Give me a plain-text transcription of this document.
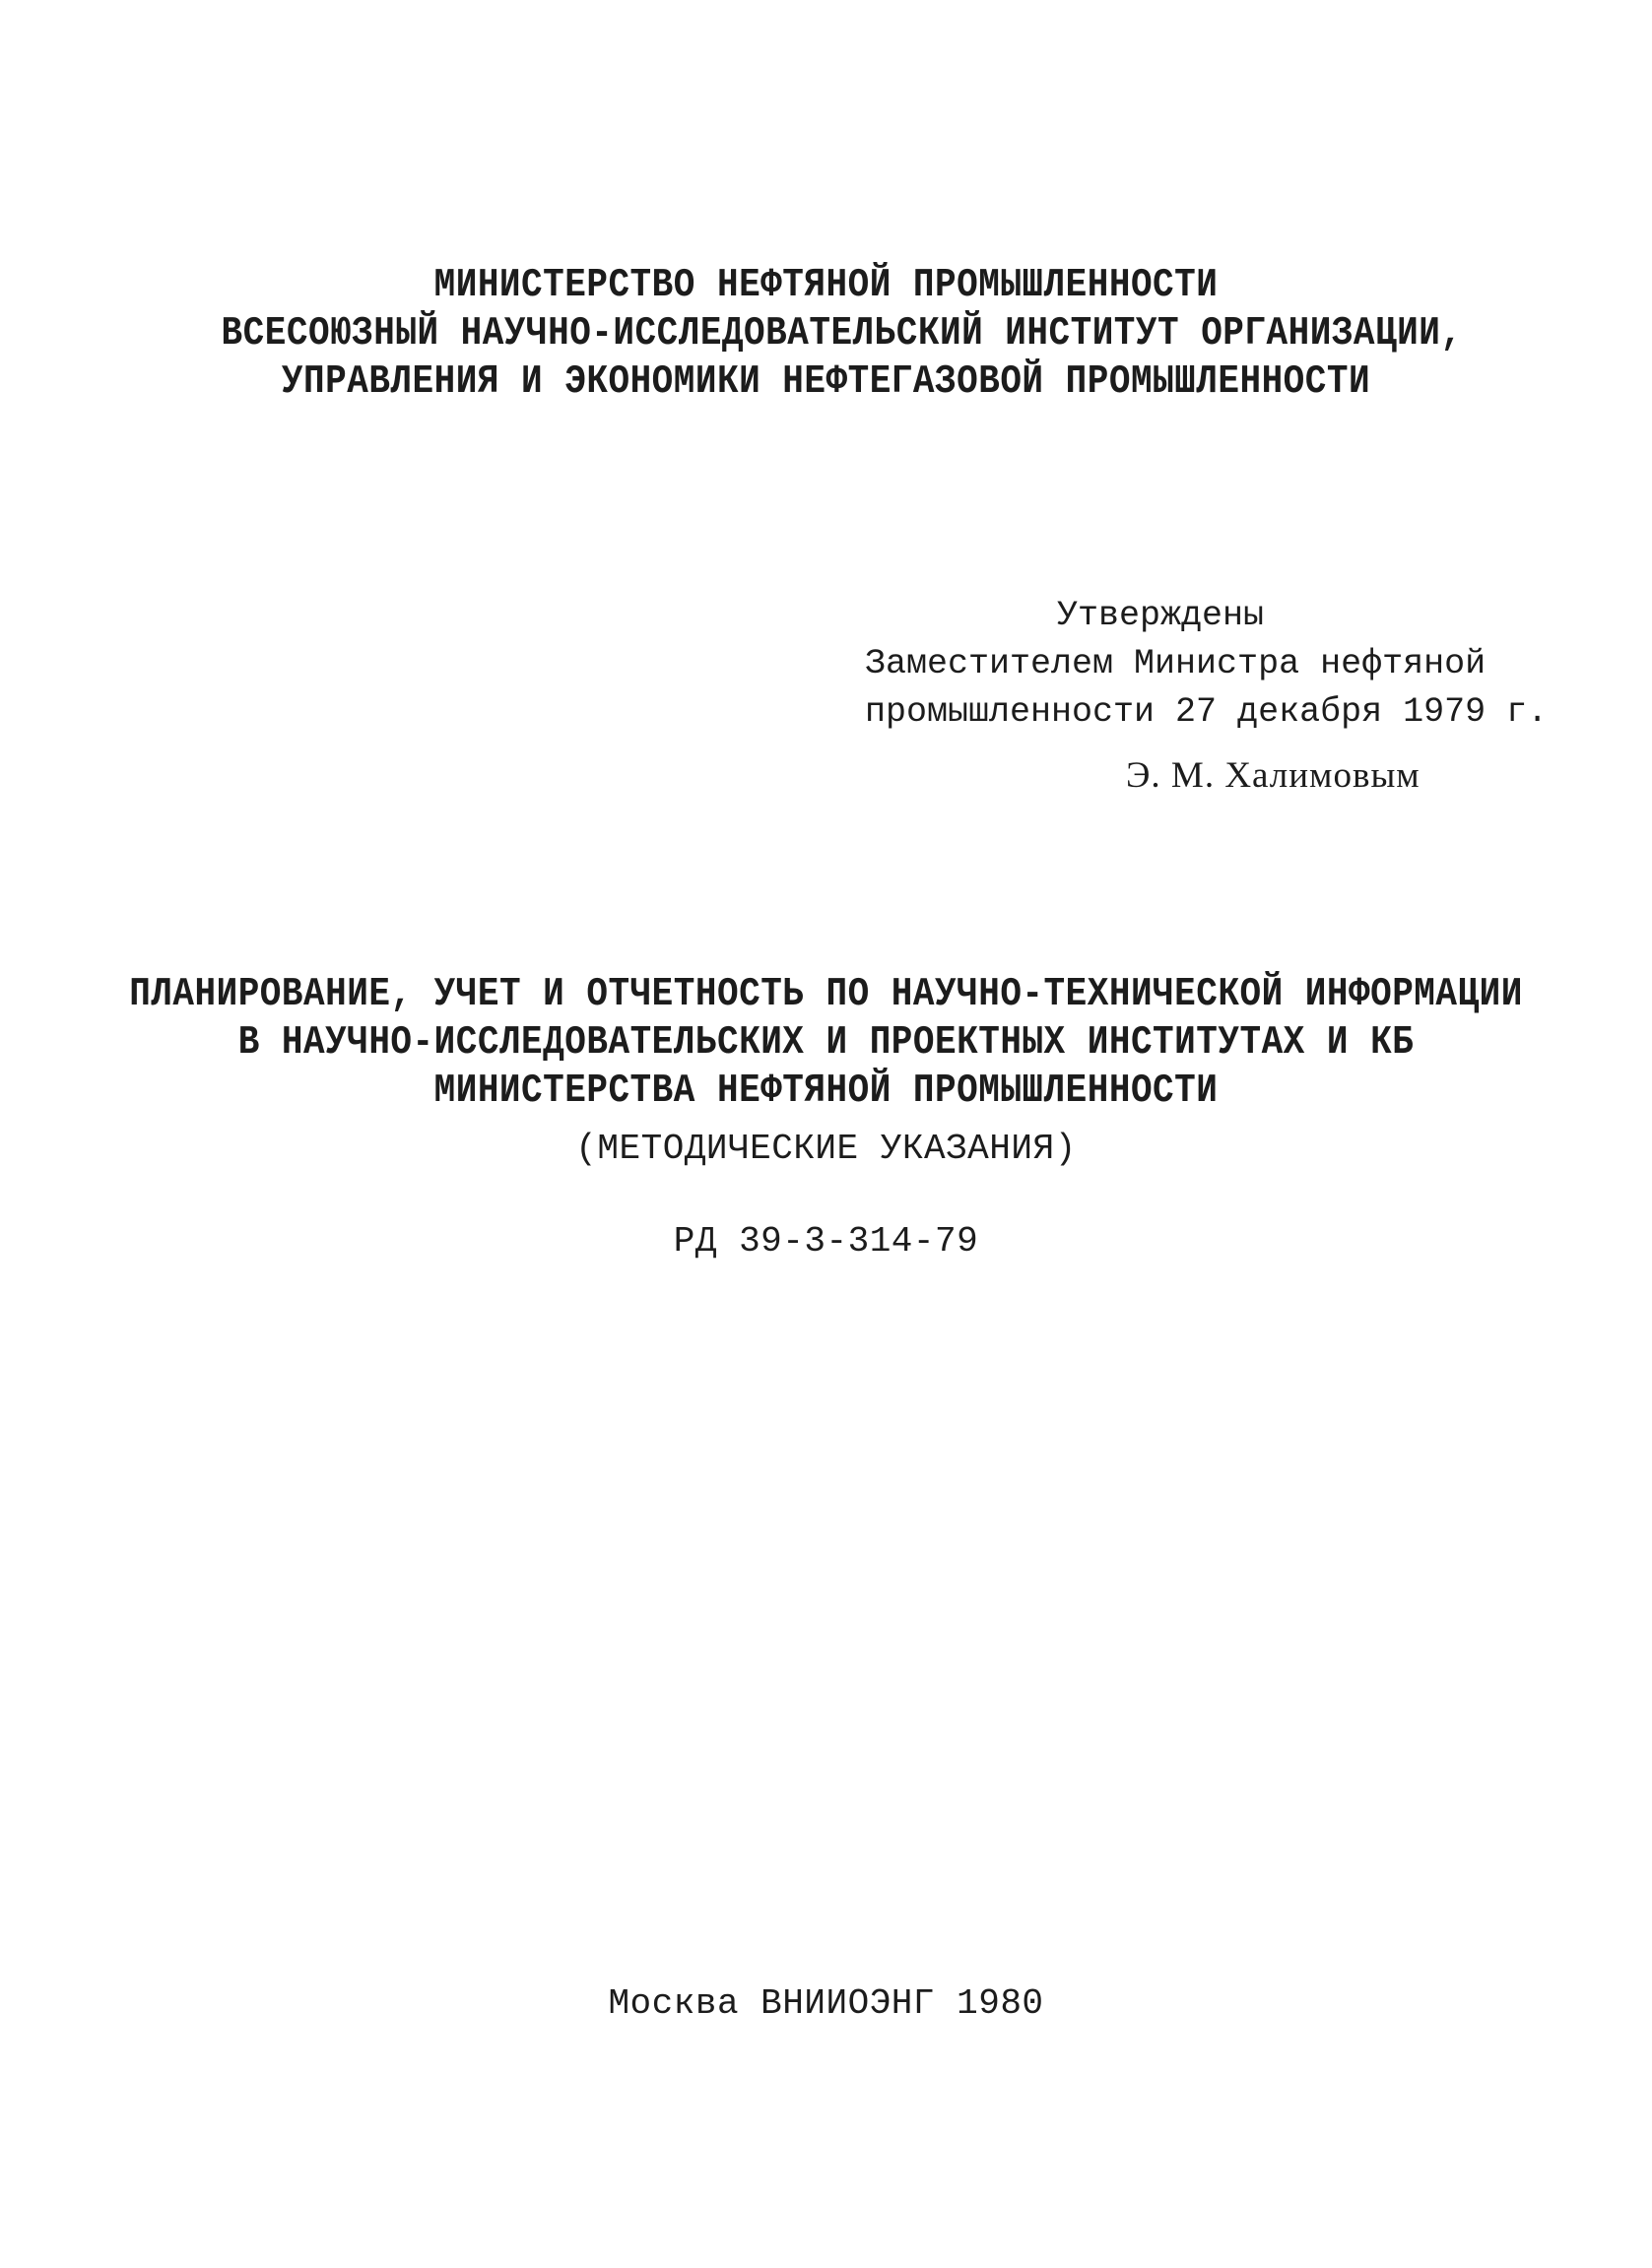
МИНИСТЕРСТВО НЕФТЯНОЙ ПРОМЫШЛЕННОСТИ
ВСЕСОЮЗНЫЙ НАУЧНО-ИССЛЕДОВАТЕЛЬСКИЙ ИНСТИТУТ ОРГАНИЗАЦИИ,
УПРАВЛЕНИЯ И ЭКОНОМИКИ НЕФТЕГАЗОВОЙ ПРОМЫШЛЕННОСТИ
Утверждены
Заместителем Министра нефтяной
промышленности 27 декабря 1979 г.
Э. М. Халимовым
ПЛАНИРОВАНИЕ, УЧЕТ И ОТЧЕТНОСТЬ ПО НАУЧНО-ТЕХНИЧЕСКОЙ ИНФОРМАЦИИ
В НАУЧНО-ИССЛЕДОВАТЕЛЬСКИХ И ПРОЕКТНЫХ ИНСТИТУТАХ И КБ
МИНИСТЕРСТВА НЕФТЯНОЙ ПРОМЫШЛЕННОСТИ
(МЕТОДИЧЕСКИЕ УКАЗАНИЯ)
РД 39-3-314-79
Москва ВНИИОЭНГ 1980
